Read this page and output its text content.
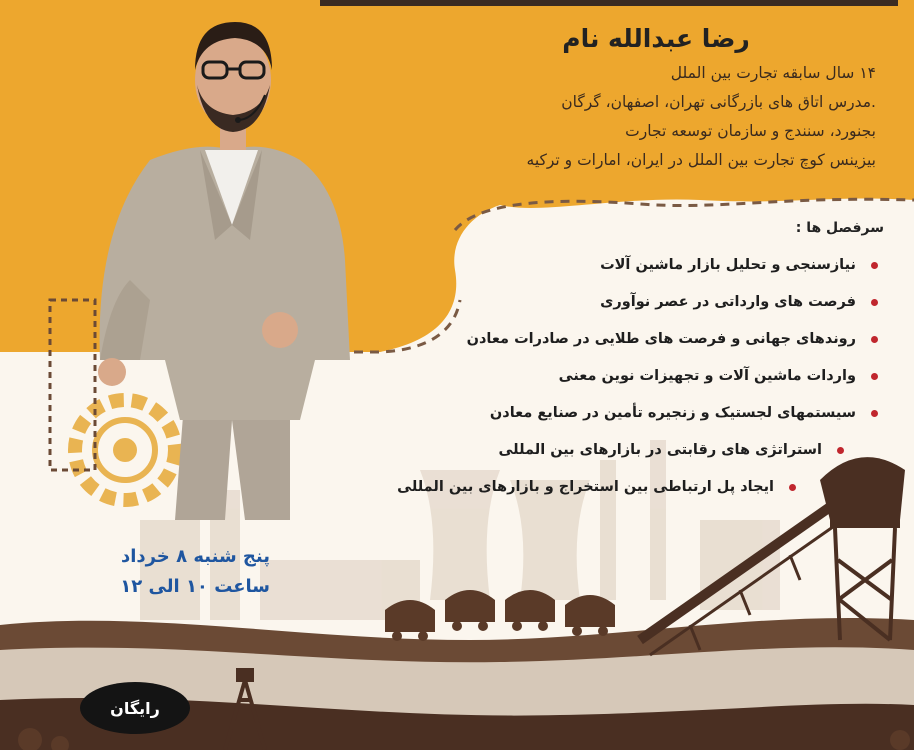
رضا عبدالله نام

۱۴ سال سابقه تجارت بین الملل

.مدرس اتاق های بازرگانی تهران، اصفهان، گرگان

بجنورد، سنندج و سازمان توسعه تجارت

بیزینس کوچ تجارت بین الملل در ایران، امارات و ترکیه

سرفصل ها :

نیازسنجی و تحلیل بازار ماشین آلات
فرصت های وارداتی در عصر نوآوری
روندهای جهانی و فرصت های طلایی در صادرات معادن
واردات ماشین آلات و تجهیزات نوین معنی
سیستمهای لجستیک و زنجیره تأمین در صنایع معادن
استراتژی های رقابتی در بازارهای بین المللی
ایجاد پل ارتباطی بین استخراج و بازارهای بین المللی
پنج شنبه ۸ خرداد
ساعت ۱۰ الی ۱۲
رایگان
